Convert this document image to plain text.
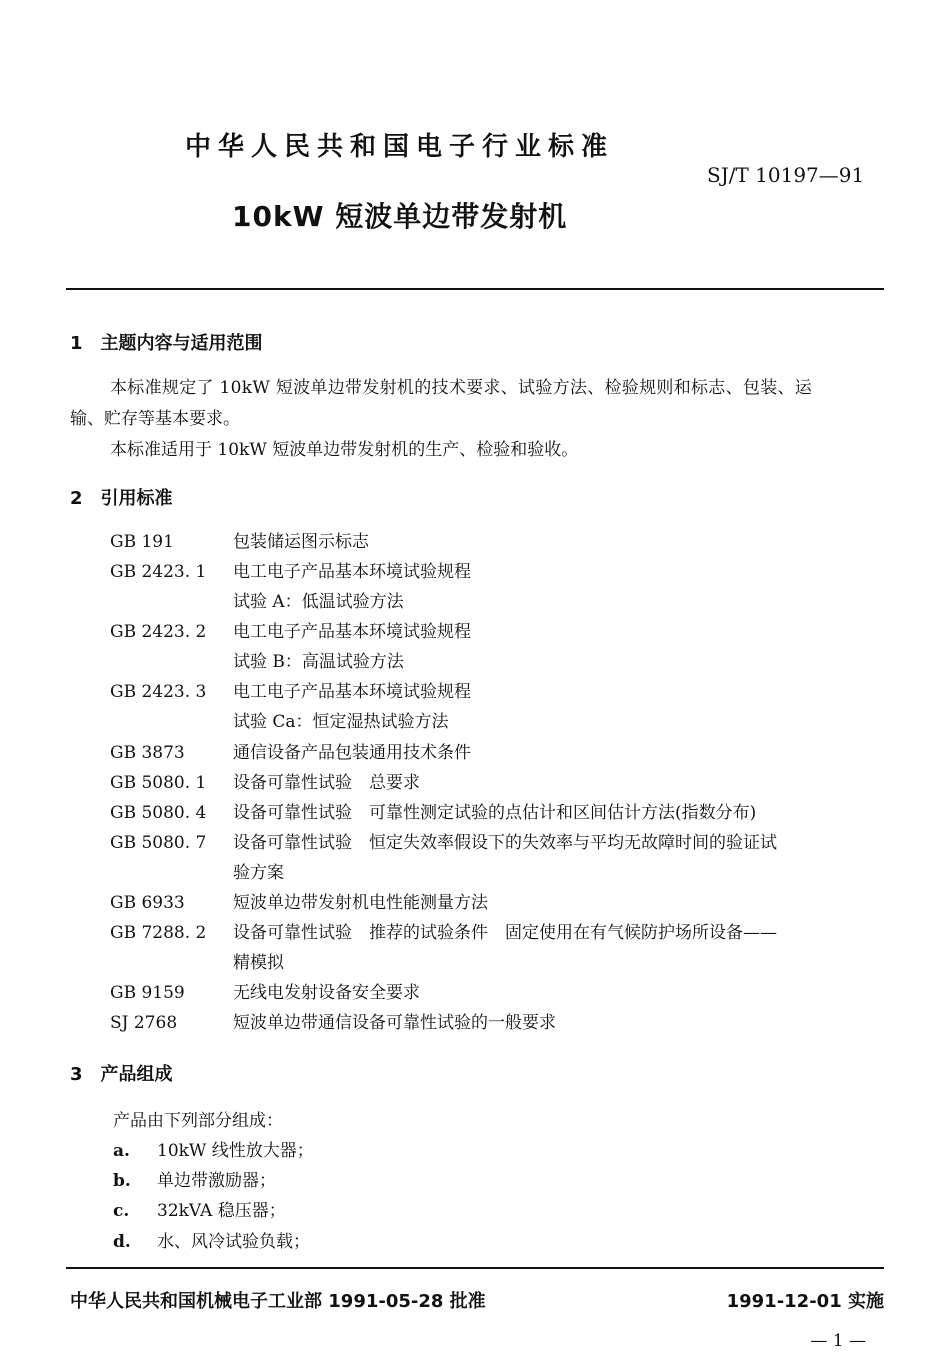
中华人民共和国电子行业标准
SJ/T 10197—91
10kW 短波单边带发射机
1　主题内容与适用范围
本标准规定了 10kW 短波单边带发射机的技术要求、试验方法、检验规则和标志、包装、运
输、贮存等基本要求。
本标准适用于 10kW 短波单边带发射机的生产、检验和验收。
2　引用标准
GB 191	包装储运图示标志
GB 2423. 1	电工电子产品基本环境试验规程
试验 A：低温试验方法
GB 2423. 2	电工电子产品基本环境试验规程
试验 B：高温试验方法
GB 2423. 3	电工电子产品基本环境试验规程
试验 Ca：恒定湿热试验方法
GB 3873	通信设备产品包装通用技术条件
GB 5080. 1	设备可靠性试验　总要求
GB 5080. 4	设备可靠性试验　可靠性测定试验的点估计和区间估计方法(指数分布)
GB 5080. 7	设备可靠性试验　恒定失效率假设下的失效率与平均无故障时间的验证试
验方案
GB 6933	短波单边带发射机电性能测量方法
GB 7288. 2	设备可靠性试验　推荐的试验条件　固定使用在有气候防护场所设备——
精模拟
GB 9159	无线电发射设备安全要求
SJ 2768	短波单边带通信设备可靠性试验的一般要求
3　产品组成
产品由下列部分组成：
a. 10kW 线性放大器；
b. 单边带激励器；
c. 32kVA 稳压器；
d. 水、风冷试验负载；
中华人民共和国机械电子工业部 1991-05-28 批准	1991-12-01 实施
— 1 —
